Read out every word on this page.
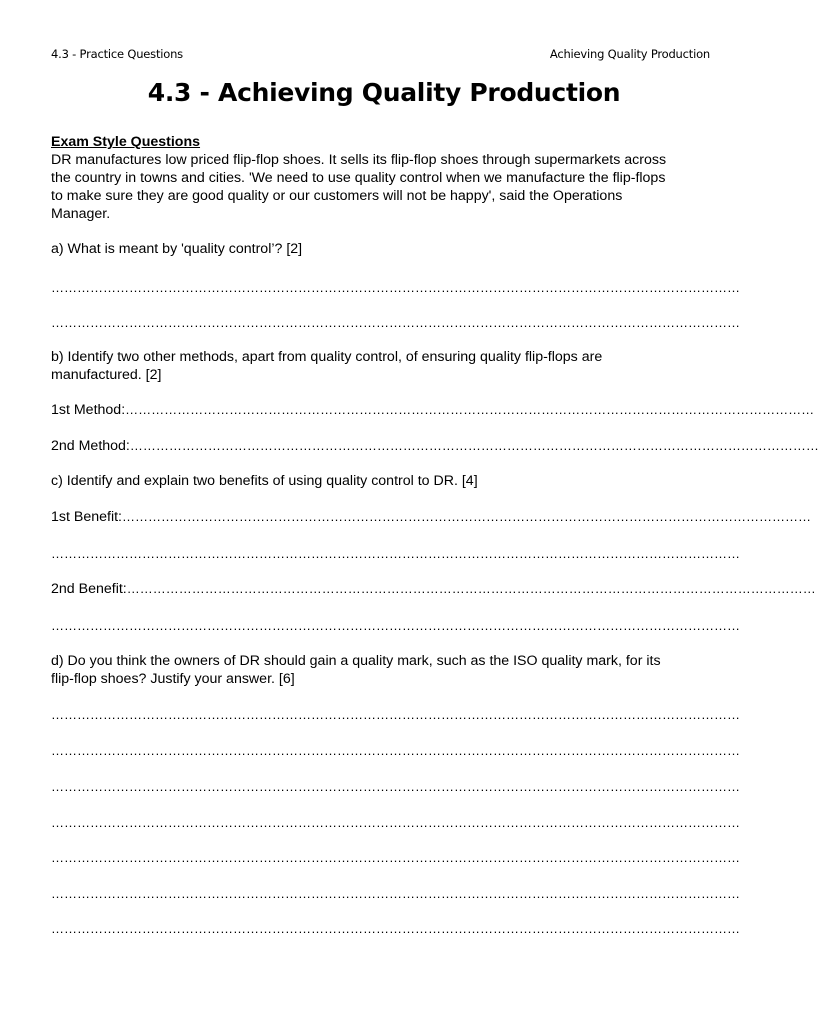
4.3 - Practice Questions	Achieving Quality Production
4.3 - Achieving Quality Production
Exam Style Questions
DR manufactures low priced flip-flop shoes. It sells its flip-flop shoes through supermarkets across
the country in towns and cities. 'We need to use quality control when we manufacture the flip-flops
to make sure they are good quality or our customers will not be happy', said the Operations
Manager.
a) What is meant by 'quality control’? [2]
……………………………………………………………………………………………………………………………………………
……………………………………………………………………………………………………………………………………………
b) Identify two other methods, apart from quality control, of ensuring quality flip-flops are
manufactured. [2]
1st Method:……………………………………………………………………………………………………………………………………………
2nd Method:……………………………………………………………………………………………………………………………………………
c) Identify and explain two benefits of using quality control to DR. [4]
1st Benefit:……………………………………………………………………………………………………………………………………………
……………………………………………………………………………………………………………………………………………
2nd Benefit:……………………………………………………………………………………………………………………………………………
……………………………………………………………………………………………………………………………………………
d) Do you think the owners of DR should gain a quality mark, such as the ISO quality mark, for its
flip-flop shoes? Justify your answer. [6]
……………………………………………………………………………………………………………………………………………
……………………………………………………………………………………………………………………………………………
……………………………………………………………………………………………………………………………………………
……………………………………………………………………………………………………………………………………………
……………………………………………………………………………………………………………………………………………
……………………………………………………………………………………………………………………………………………
……………………………………………………………………………………………………………………………………………
